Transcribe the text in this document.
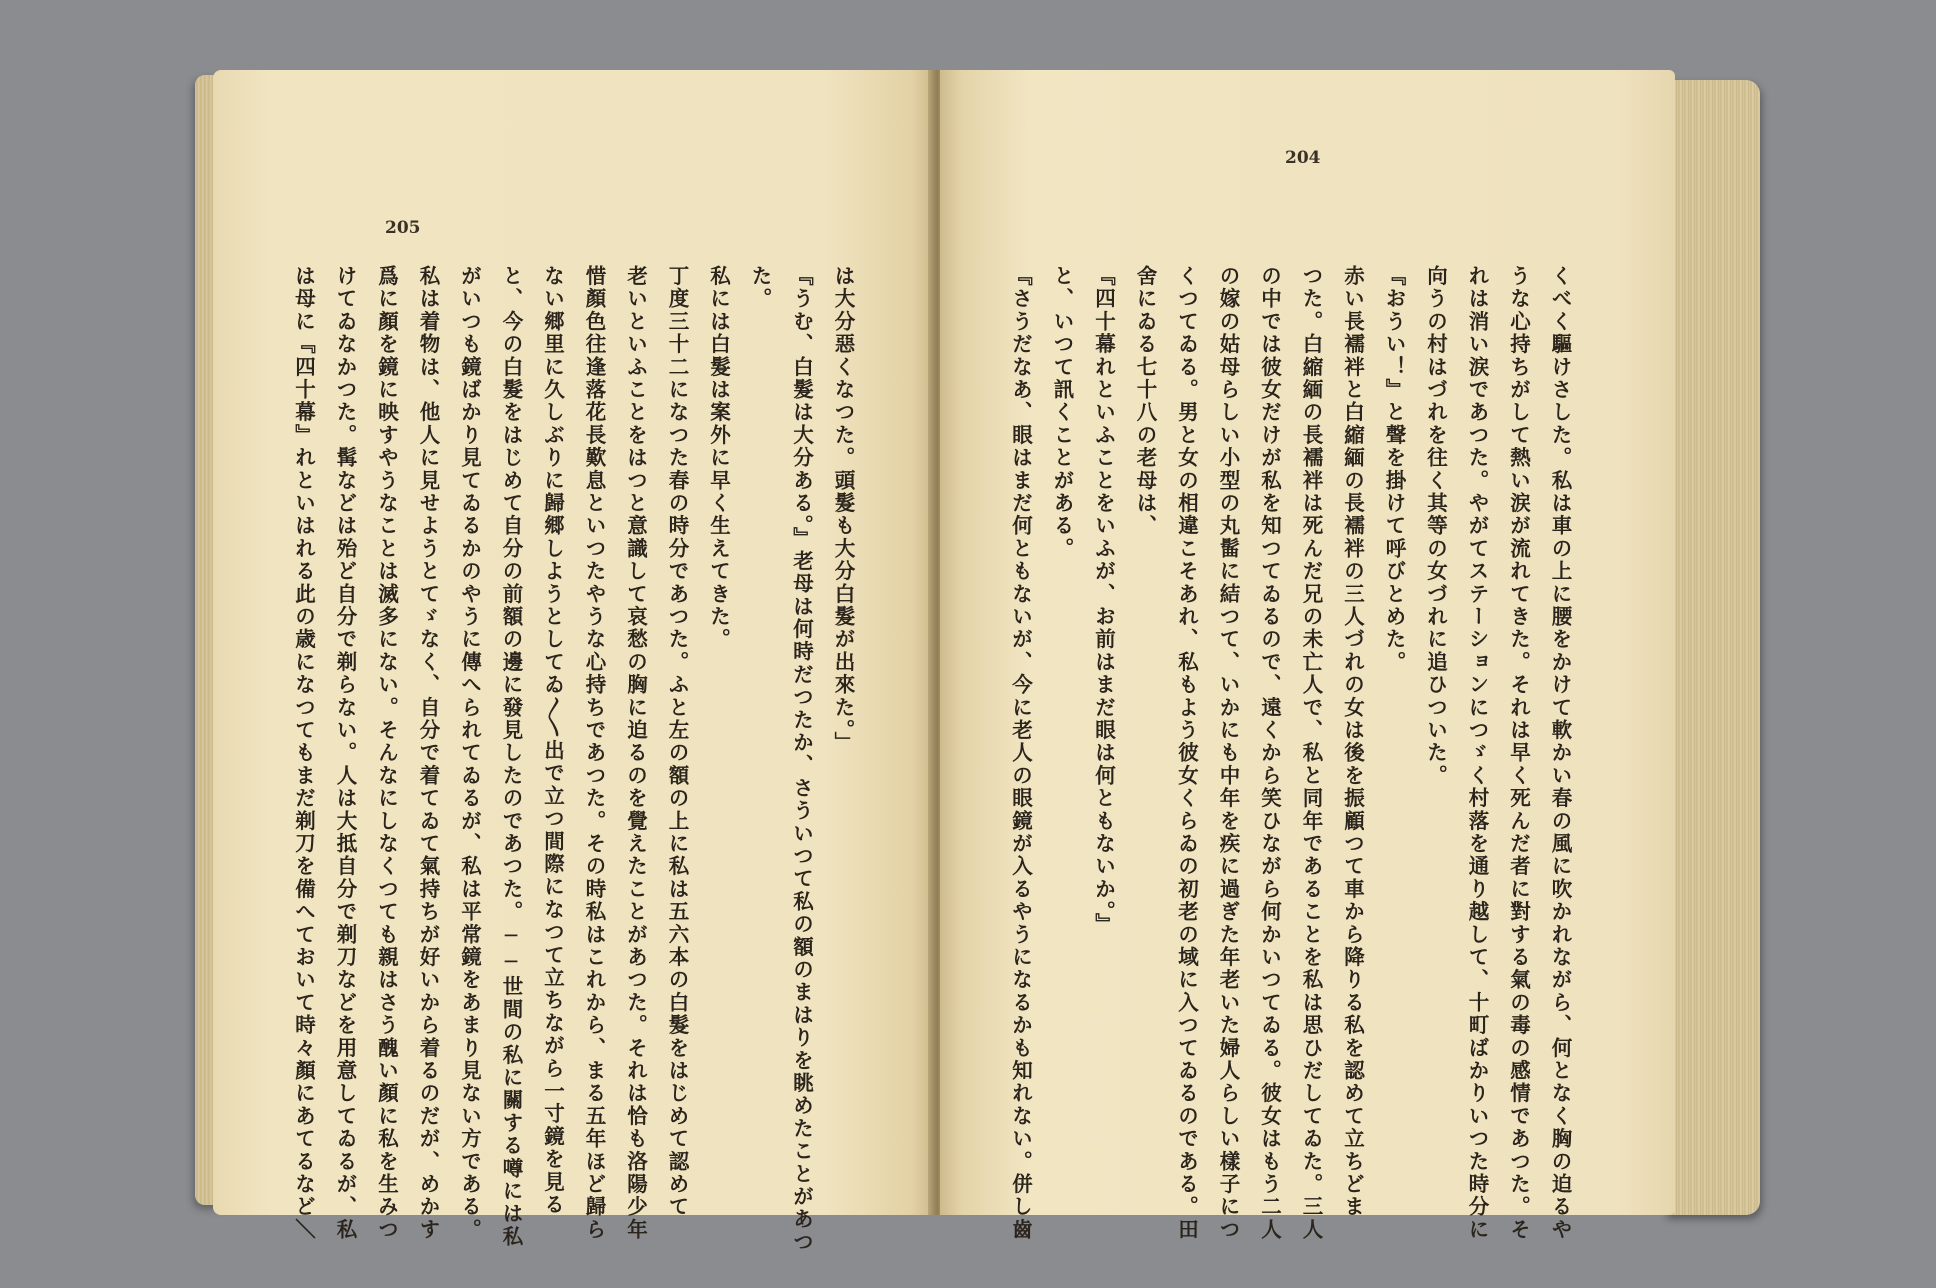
205
は大分惡くなつた。頭髮も大分白髮が出來た。」
『うむ、白髮は大分ある。』老母は何時だつたか、さういつて私の額のまはりを眺めたことがあつ
た。
私には白髮は案外に早く生えてきた。
丁度三十二になつた春の時分であつた。ふと左の額の上に私は五六本の白髮をはじめて認めて
老いといふことをはつと意識して哀愁の胸に迫るのを覺えたことがあつた。それは恰も洛陽少年
惜顏色往逢落花長歎息といつたやうな心持ちであつた。その時私はこれから、まる五年ほど歸ら
ない郷里に久しぶりに歸郷しようとしてゐ〳〵出で立つ間際になつて立ちながら一寸鏡を見る
と、今の白髮をはじめて自分の前額の邊に發見したのであつた。──世間の私に關する噂には私
がいつも鏡ばかり見てゐるかのやうに傳へられてゐるが、私は平常鏡をあまり見ない方である。
私は着物は、他人に見せようとてゞなく、自分で着てゐて氣持ちが好いから着るのだが、めかす
爲に顏を鏡に映すやうなことは滅多にない。そんなにしなくつても親はさう醜い顏に私を生みつ
けてゐなかつた。髯などは殆ど自分で剃らない。人は大抵自分で剃刀などを用意してゐるが、私
は母に『四十幕』れといはれる此の歳になつてもまだ剃刀を備へておいて時々顏にあてるなど＼
204
くべく驅けさした。私は車の上に腰をかけて軟かい春の風に吹かれながら、何となく胸の迫るや
うな心持ちがして熱い涙が流れてきた。それは早く死んだ者に對する氣の毒の感情であつた。そ
れは消い涙であつた。やがてステーションにつゞく村落を通り越して、十町ばかりいつた時分に
向うの村はづれを往く其等の女づれに追ひついた。
『おうい！』と聲を掛けて呼びとめた。
赤い長襦袢と白縮緬の長襦袢の三人づれの女は後を振顧つて車から降りる私を認めて立ちどま
つた。白縮緬の長襦袢は死んだ兄の未亡人で、私と同年であることを私は思ひだしてゐた。三人
の中では彼女だけが私を知つてゐるので、遠くから笑ひながら何かいつてゐる。彼女はもう二人
の嫁の姑母らしい小型の丸髷に結つて、いかにも中年を疾に過ぎた年老いた婦人らしい樣子につ
くつてゐる。男と女の相違こそあれ、私もよう彼女くらゐの初老の域に入つてゐるのである。田
舍にゐる七十八の老母は、
『四十幕れといふことをいふが、お前はまだ眼は何ともないか。』
と、いつて訊くことがある。
『さうだなあ、眼はまだ何ともないが、今に老人の眼鏡が入るやうになるかも知れない。併し齒
